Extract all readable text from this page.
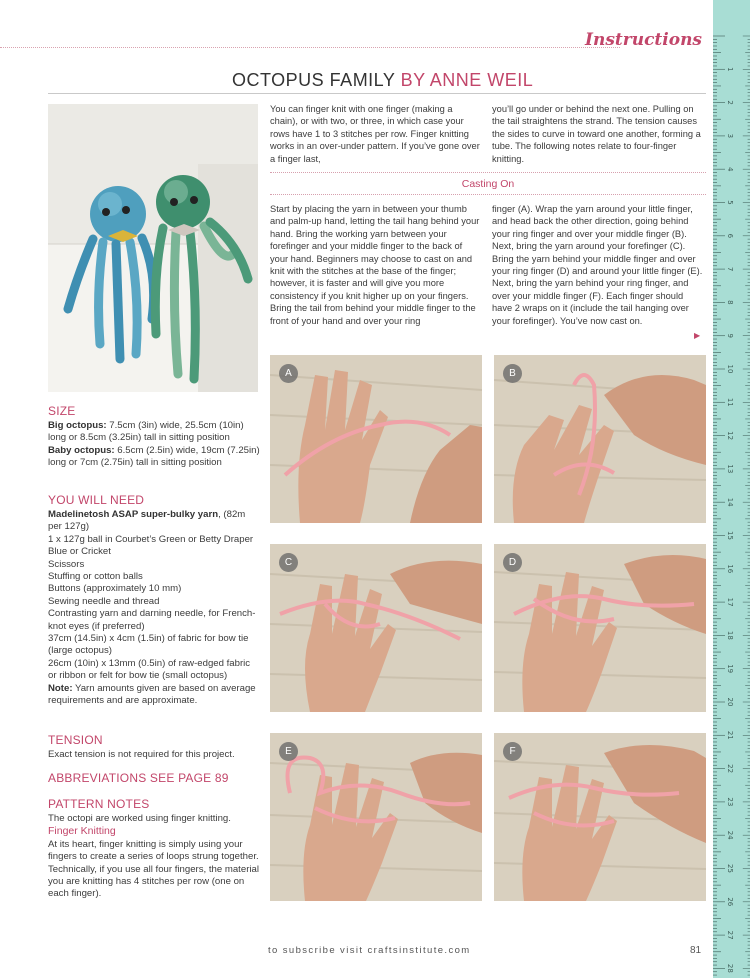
Instructions
OCTOPUS FAMILY BY ANNE WEIL
You can finger knit with one finger (making a chain), or with two, or three, in which case your rows have 1 to 3 stitches per row. Finger knitting works in an over-under pattern. If you’ve gone over a finger last,
you’ll go under or behind the next one. Pulling on the tail straightens the strand. The tension causes the sides to curve in toward one another, forming a tube. The following notes relate to four-finger knitting.
Casting On
Start by placing the yarn in between your thumb and palm-up hand, letting the tail hang behind your hand. Bring the working yarn between your forefinger and your middle finger to the back of your hand. Beginners may choose to cast on and knit with the stitches at the base of the finger; however, it is faster and will give you more consistency if you knit higher up on your fingers.
Bring the tail from behind your middle finger to the front of your hand and over your ring
finger (A). Wrap the yarn around your little finger, and head back the other direction, going behind your ring finger and over your middle finger (B). Next, bring the yarn around your forefinger (C). Bring the yarn behind your middle finger and over your ring finger (D) and around your little finger (E). Next, bring the yarn behind your ring finger, and over your middle finger (F). Each finger should have 2 wraps on it (include the tail hanging over your forefinger). You’ve now cast on.
▶
SIZE
Big octopus: 7.5cm (3in) wide, 25.5cm (10in) long or 8.5cm (3.25in) tall in sitting position
Baby octopus: 6.5cm (2.5in) wide, 19cm (7.25in) long or 7cm (2.75in) tall in sitting position
YOU WILL NEED
Madelinetosh ASAP super-bulky yarn, (82m per 127g)
1 x 127g ball in Courbet’s Green or Betty Draper Blue or Cricket
Scissors
Stuffing or cotton balls
Buttons (approximately 10 mm)
Sewing needle and thread
Contrasting yarn and darning needle, for French-knot eyes (if preferred)
37cm (14.5in) x 4cm (1.5in) of fabric for bow tie (large octopus)
26cm (10in) x 13mm (0.5in) of raw-edged fabric or ribbon or felt for bow tie (small octopus)
Note: Yarn amounts given are based on average requirements and are approximate.
TENSION
Exact tension is not required for this project.
ABBREVIATIONS SEE PAGE 89
PATTERN NOTES
The octopi are worked using finger knitting.
Finger Knitting
At its heart, finger knitting is simply using your fingers to create a series of loops strung together.
Technically, if you use all four fingers, the material you are knitting has 4 stitches per row (one on each finger).
A	B
C	D
E	F
to subscribe visit craftsinstitute.com	81
1
2
3
4
5
6
7
8
9
10
11
12
13
14
15
16
17
18
19
20
21
22
23
24
25
26
27
28
